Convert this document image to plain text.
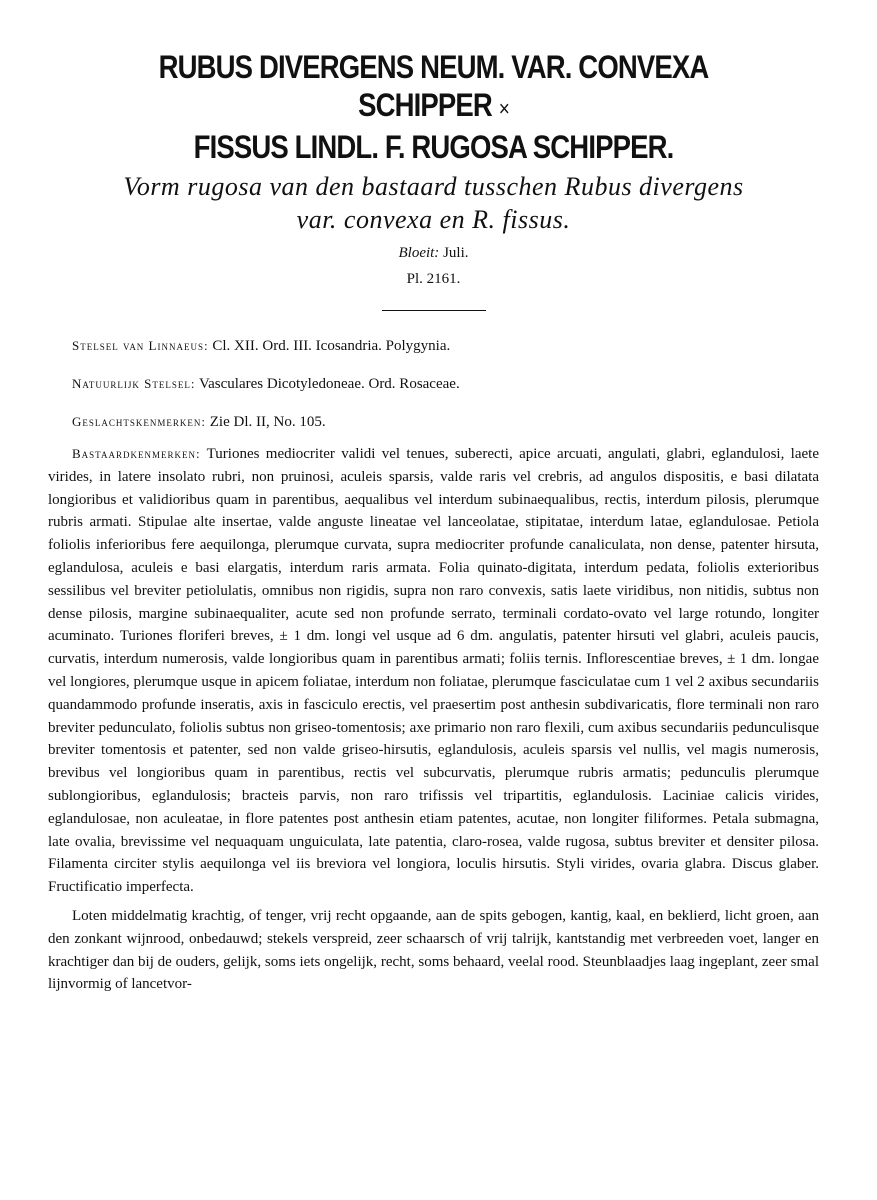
RUBUS DIVERGENS NEUM. VAR. CONVEXA SCHIPPER ×
FISSUS LINDL. F. RUGOSA SCHIPPER.
Vorm rugosa van den bastaard tusschen Rubus divergens
var. convexa en R. fissus.
Bloeit: Juli.
Pl. 2161.
Stelsel van Linnaeus: Cl. XII. Ord. III. Icosandria. Polygynia.
Natuurlijk Stelsel: Vasculares Dicotyledoneae. Ord. Rosaceae.
Geslachtskenmerken: Zie Dl. II, No. 105.

Bastaardkenmerken: Turiones mediocriter validi vel tenues, suberecti, apice arcuati, angulati, glabri, eglandulosi, laete virides, in latere insolato rubri, non pruinosi, aculeis sparsis, valde raris vel crebris, ad angulos dispositis, e basi dilatata longioribus et validioribus quam in parentibus, aequalibus vel interdum subinaequalibus, rectis, interdum pilosis, plerumque rubris armati. Stipulae alte insertae, valde anguste lineatae vel lanceolatae, stipitatae, interdum latae, eglandulosae. Petiola foliolis inferioribus fere aequilonga, plerumque curvata, supra mediocriter profunde canaliculata, non dense, patenter hirsuta, eglandulosa, aculeis e basi elargatis, interdum raris armata. Folia quinato-digitata, interdum pedata, foliolis exterioribus sessilibus vel breviter petiolulatis, omnibus non rigidis, supra non raro convexis, satis laete viridibus, non nitidis, subtus non dense pilosis, margine subinaequaliter, acute sed non profunde serrato, terminali cordato-ovato vel large rotundo, longiter acuminato. Turiones floriferi breves, ± 1 dm. longi vel usque ad 6 dm. angulatis, patenter hirsuti vel glabri, aculeis paucis, curvatis, interdum numerosis, valde longioribus quam in parentibus armati; foliis ternis. Inflorescentiae breves, ± 1 dm. longae vel longiores, plerumque usque in apicem foliatae, interdum non foliatae, plerumque fasciculatae cum 1 vel 2 axibus secundariis quandammodo profunde inseratis, axis in fasciculo erectis, vel praesertim post anthesin subdivaricatis, flore terminali non raro breviter pedunculato, foliolis subtus non griseo-tomentosis; axe primario non raro flexili, cum axibus secundariis pedunculisque breviter tomentosis et patenter, sed non valde griseo-hirsutis, eglandulosis, aculeis sparsis vel nullis, vel magis numerosis, brevibus vel longioribus quam in parentibus, rectis vel subcurvatis, plerumque rubris armatis; pedunculis plerumque sublongioribus, eglandulosis; bracteis parvis, non raro trifissis vel tripartitis, eglandulosis. Laciniae calicis virides, eglandulosae, non aculeatae, in flore patentes post anthesin etiam patentes, acutae, non longiter filiformes. Petala submagna, late ovalia, brevissime vel nequaquam unguiculata, late patentia, claro-rosea, valde rugosa, subtus breviter et densiter pilosa. Filamenta circiter stylis aequilonga vel iis breviora vel longiora, loculis hirsutis. Styli virides, ovaria glabra. Discus glaber. Fructificatio imperfecta.

Loten middelmatig krachtig, of tenger, vrij recht opgaande, aan de spits gebogen, kantig, kaal, en beklierd, licht groen, aan den zonkant wijnrood, onbedauwd; stekels verspreid, zeer schaarsch of vrij talrijk, kantstandig met verbreeden voet, langer en krachtiger dan bij de ouders, gelijk, soms iets ongelijk, recht, soms behaard, veelal rood. Steunblaadjes laag ingeplant, zeer smal lijnvormig of lancetvor-
